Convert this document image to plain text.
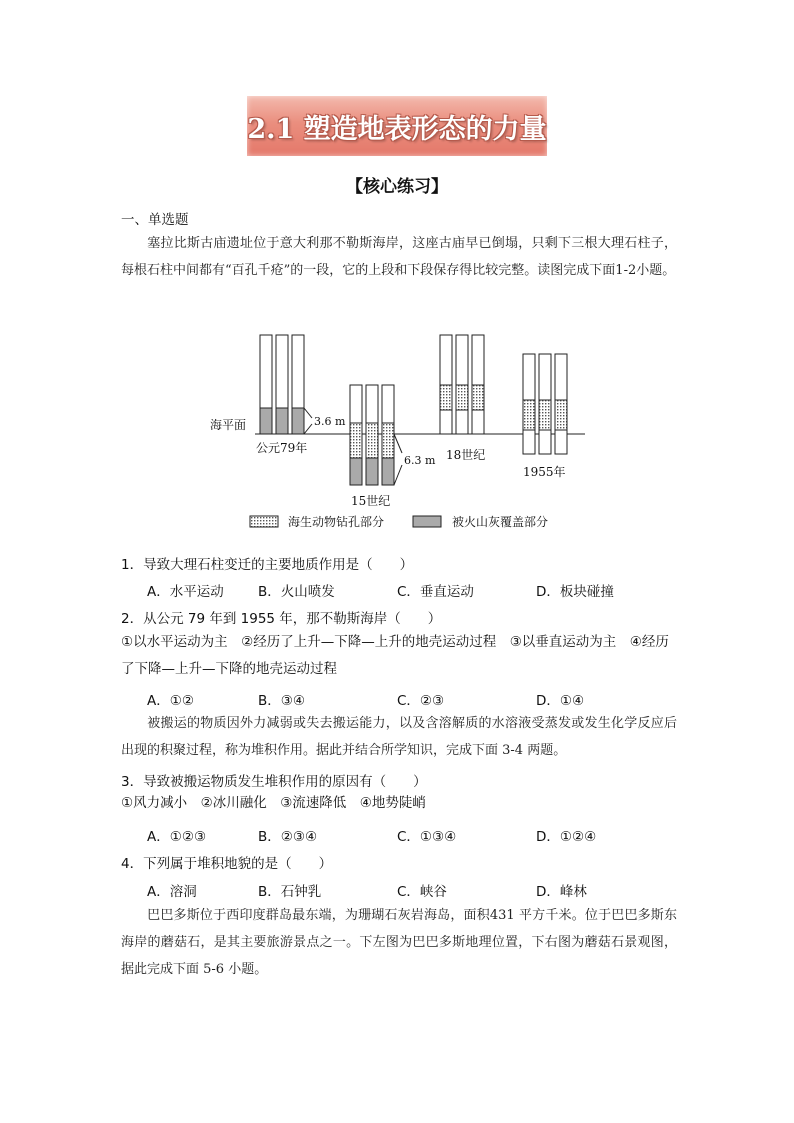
2.1 塑造地表形态的力量
【核心练习】
一、单选题
塞拉比斯古庙遗址位于意大利那不勒斯海岸，这座古庙早已倒塌，只剩下三根大理石柱子，每根石柱中间都有“百孔千疮”的一段，它的上段和下段保存得比较完整。读图完成下面1-2小题。
海平面	3.6 m
公元79年
6.3 m
15世纪
18世纪
1955年
海生动物钻孔部分	被火山灰覆盖部分
1．导致大理石柱变迁的主要地质作用是（　　）
A．水平运动	B．火山喷发	C．垂直运动	D．板块碰撞
2．从公元 79 年到 1955 年，那不勒斯海岸（　　）
①以水平运动为主　②经历了上升—下降—上升的地壳运动过程　③以垂直运动为主　④经历了下降—上升—下降的地壳运动过程
A．①②	B．③④	C．②③	D．①④
被搬运的物质因外力减弱或失去搬运能力，以及含溶解质的水溶液受蒸发或发生化学反应后出现的积聚过程，称为堆积作用。据此并结合所学知识，完成下面 3-4 两题。
3．导致被搬运物质发生堆积作用的原因有（　　）
①风力减小　②冰川融化　③流速降低　④地势陡峭
A．①②③	B．②③④	C．①③④	D．①②④
4．下列属于堆积地貌的是（　　）
A．溶洞	B．石钟乳	C．峡谷	D．峰林
巴巴多斯位于西印度群岛最东端，为珊瑚石灰岩海岛，面积431 平方千米。位于巴巴多斯东海岸的蘑菇石，是其主要旅游景点之一。下左图为巴巴多斯地理位置，下右图为蘑菇石景观图，据此完成下面 5-6 小题。
